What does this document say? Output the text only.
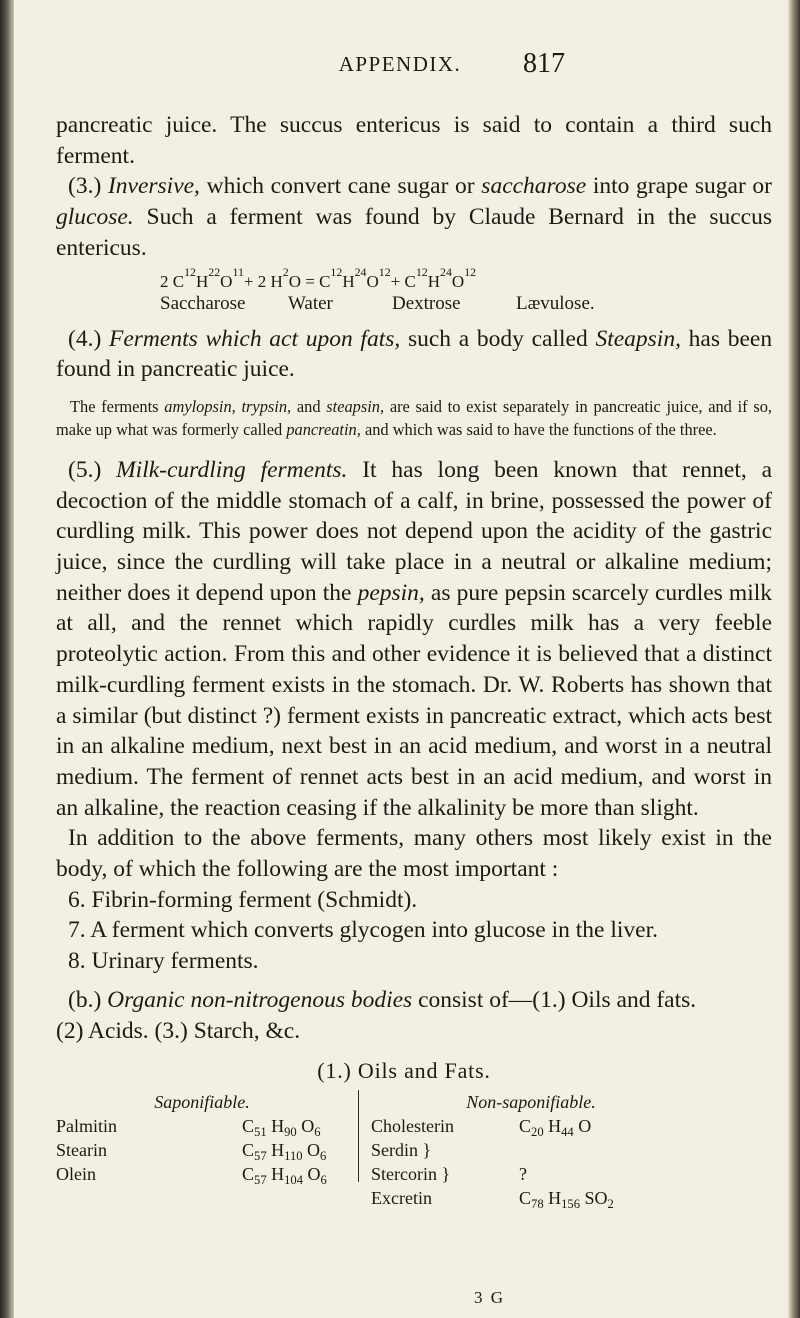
APPENDIX.	817

pancreatic juice. The succus entericus is said to contain a third such ferment.

(3.) Inversive, which convert cane sugar or saccharose into grape sugar or glucose. Such a ferment was found by Claude Bernard in the succus entericus.

2 C 12 H 22 O 11 + 2 H 2 O = C 12 H 24 O 12 + C 12 H 24 O 12
Saccharose	Water	Dextrose	Lævulose.

(4.) Ferments which act upon fats, such a body called Steapsin, has been found in pancreatic juice.

The ferments amylopsin, trypsin, and steapsin, are said to exist separately in pancreatic juice, and if so, make up what was formerly called pancreatin, and which was said to have the functions of the three.

(5.) Milk-curdling ferments. It has long been known that rennet, a decoction of the middle stomach of a calf, in brine, possessed the power of curdling milk. This power does not depend upon the acidity of the gastric juice, since the curdling will take place in a neutral or alkaline medium; neither does it depend upon the pepsin, as pure pepsin scarcely curdles milk at all, and the rennet which rapidly curdles milk has a very feeble proteolytic action. From this and other evidence it is believed that a distinct milk-curdling ferment exists in the stomach. Dr. W. Roberts has shown that a similar (but distinct ?) ferment exists in pancreatic extract, which acts best in an alkaline medium, next best in an acid medium, and worst in a neutral medium. The ferment of rennet acts best in an acid medium, and worst in an alkaline, the reaction ceasing if the alkalinity be more than slight.

In addition to the above ferments, many others most likely exist in the body, of which the following are the most important :

6. Fibrin-forming ferment (Schmidt).

7. A ferment which converts glycogen into glucose in the liver.

8. Urinary ferments.

(b.) Organic non-nitrogenous bodies consist of—(1.) Oils and fats.
(2) Acids. (3.) Starch, &c.

(1.) Oils and Fats.
Saponifiable.
Palmitin	$C_{51}$ $H_{90}$ $O_6$
Stearin	$C_{57}$ $H_{110}$ $O_6$
Olein	$C_{57}$ $H_{104}$ $O_6$
Non-saponifiable.
Cholesterin	$C_{20}$ $H_{44}$ O
Serdin }
Stercorin }	?
Excretin	$C_{78}$ $H_{156}$ $SO_2$
3 G
